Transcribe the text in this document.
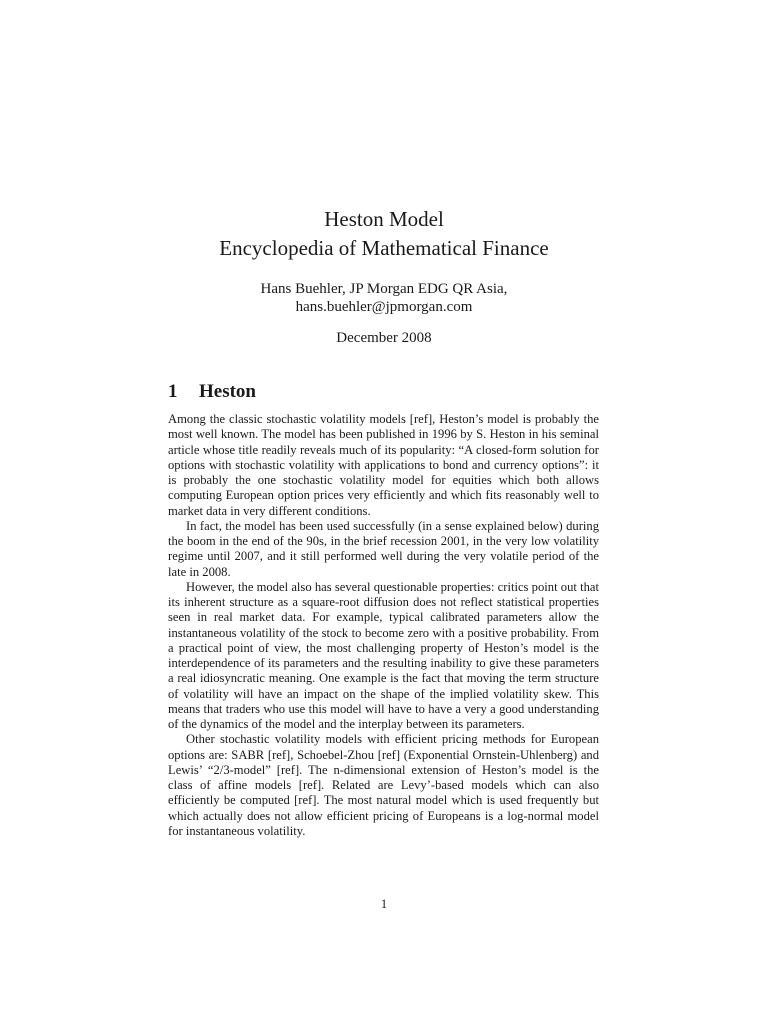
Heston Model
Encyclopedia of Mathematical Finance
Hans Buehler, JP Morgan EDG QR Asia,
hans.buehler@jpmorgan.com
December 2008
1 Heston

Among the classic stochastic volatility models [ref], Heston’s model is probably the most well known. The model has been published in 1996 by S. Heston in his seminal article whose title readily reveals much of its popularity: “A closed-form solution for options with stochastic volatility with applications to bond and currency options”: it is probably the one stochastic volatility model for equities which both allows computing European option prices very efficiently and which fits reasonably well to market data in very different conditions.

In fact, the model has been used successfully (in a sense explained below) during the boom in the end of the 90s, in the brief recession 2001, in the very low volatility regime until 2007, and it still performed well during the very volatile period of the late in 2008.

However, the model also has several questionable properties: critics point out that its inherent structure as a square-root diffusion does not reflect statistical properties seen in real market data. For example, typical calibrated parameters allow the instantaneous volatility of the stock to become zero with a positive probability. From a practical point of view, the most challenging property of Heston’s model is the interdependence of its parameters and the resulting inability to give these parameters a real idiosyncratic meaning. One example is the fact that moving the term structure of volatility will have an impact on the shape of the implied volatility skew. This means that traders who use this model will have to have a very a good understanding of the dynamics of the model and the interplay between its parameters.

Other stochastic volatility models with efficient pricing methods for European options are: SABR [ref], Schoebel-Zhou [ref] (Exponential Ornstein-Uhlenberg) and Lewis’ “2/3-model” [ref]. The n-dimensional extension of Heston’s model is the class of affine models [ref]. Related are Levy’-based models which can also efficiently be computed [ref]. The most natural model which is used frequently but which actually does not allow efficient pricing of Europeans is a log-normal model for instantaneous volatility.

1
